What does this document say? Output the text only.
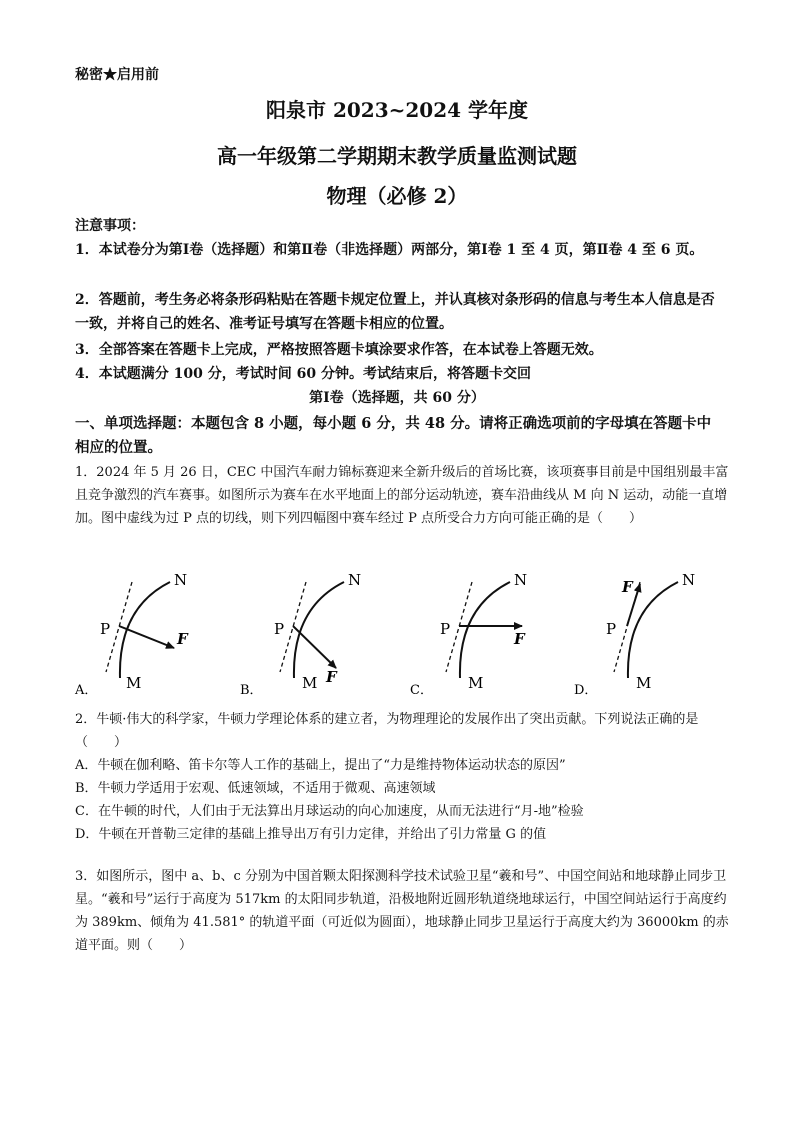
秘密★启用前
阳泉市 2023~2024 学年度
高一年级第二学期期末教学质量监测试题
物理（必修 2）
注意事项：
1．本试卷分为第Ⅰ卷（选择题）和第Ⅱ卷（非选择题）两部分，第Ⅰ卷 1 至 4 页，第Ⅱ卷 4 至 6 页。
2．答题前，考生务必将条形码粘贴在答题卡规定位置上，并认真核对条形码的信息与考生本人信息是否一致，并将自己的姓名、准考证号填写在答题卡相应的位置。
3．全部答案在答题卡上完成，严格按照答题卡填涂要求作答，在本试卷上答题无效。
4．本试题满分 100 分，考试时间 60 分钟。考试结束后，将答题卡交回
第Ⅰ卷（选择题，共 60 分）
一、单项选择题：本题包含 8 小题，每小题 6 分，共 48 分。请将正确选项前的字母填在答题卡中相应的位置。
1．2024 年 5 月 26 日，CEC 中国汽车耐力锦标赛迎来全新升级后的首场比赛，该项赛事目前是中国组别最丰富且竞争激烈的汽车赛事。如图所示为赛车在水平地面上的部分运动轨迹，赛车沿曲线从 M 向 N 运动，动能一直增加。图中虚线为过 P 点的切线，则下列四幅图中赛车经过 P 点所受合力方向可能正确的是（　　）
N
M
P
F
A．
N
M
P
F
B．
N
M
P
F
C．
N
M
P
F
D．
2．牛顿·伟大的科学家，牛顿力学理论体系的建立者，为物理理论的发展作出了突出贡献。下列说法正确的是（　　）
A．牛顿在伽利略、笛卡尔等人工作的基础上，提出了“力是维持物体运动状态的原因”
B．牛顿力学适用于宏观、低速领域，不适用于微观、高速领域
C．在牛顿的时代，人们由于无法算出月球运动的向心加速度，从而无法进行“月-地”检验
D．牛顿在开普勒三定律的基础上推导出万有引力定律，并给出了引力常量 G 的值
3．如图所示，图中 a、b、c 分别为中国首颗太阳探测科学技术试验卫星“羲和号”、中国空间站和地球静止同步卫星。“羲和号”运行于高度为 517km 的太阳同步轨道，沿极地附近圆形轨道绕地球运行，中国空间站运行于高度约为 389km、倾角为 41.581° 的轨道平面（可近似为圆面），地球静止同步卫星运行于高度大约为 36000km 的赤道平面。则（　　）
